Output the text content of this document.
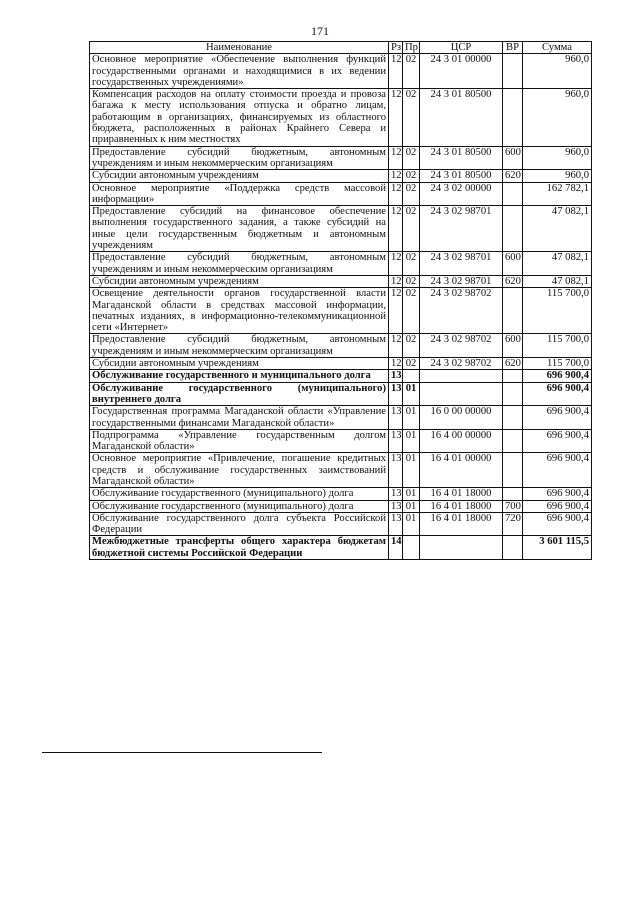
171
Наименование	Рз	Пр	ЦСР	ВР	Сумма
Основное мероприятие «Обеспечение выполнения функций государственными органами и находящимися в их ведении государственных учреждениями»	12	02	24 3 01 00000		960,0
Компенсация расходов на оплату стоимости проезда и провоза багажа к месту использования отпуска и обратно лицам, работающим в организациях, финансируемых из областного бюджета, расположенных в районах Крайнего Севера и приравненных к ним местностях	12	02	24 3 01 80500		960,0
Предоставление субсидий бюджетным, автономным учреждениям и иным некоммерческим организациям	12	02	24 3 01 80500	600	960,0
Субсидии автономным учреждениям	12	02	24 3 01 80500	620	960,0
Основное мероприятие «Поддержка средств массовой информации»	12	02	24 3 02 00000		162 782,1
Предоставление субсидий на финансовое обеспечение выполнения государственного задания, а также субсидий на иные цели государственным бюджетным и автономным учреждениям	12	02	24 3 02 98701		47 082,1
Предоставление субсидий бюджетным, автономным учреждениям и иным некоммерческим организациям	12	02	24 3 02 98701	600	47 082,1
Субсидии автономным учреждениям	12	02	24 3 02 98701	620	47 082,1
Освещение деятельности органов государственной власти Магаданской области в средствах массовой информации, печатных изданиях, в информационно-телекоммуникационной сети «Интернет»	12	02	24 3 02 98702		115 700,0
Предоставление субсидий бюджетным, автономным учреждениям и иным некоммерческим организациям	12	02	24 3 02 98702	600	115 700,0
Субсидии автономным учреждениям	12	02	24 3 02 98702	620	115 700,0
Обслуживание государственного и муниципального долга	13				696 900,4
Обслуживание государственного (муниципального) внутреннего долга	13	01			696 900,4
Государственная программа Магаданской области «Управление государственными финансами Магаданской области»	13	01	16 0 00 00000		696 900,4
Подпрограмма «Управление государственным долгом Магаданской области»	13	01	16 4 00 00000		696 900,4
Основное мероприятие «Привлечение, погашение кредитных средств и обслуживание государственных заимствований Магаданской области»	13	01	16 4 01 00000		696 900,4
Обслуживание государственного (муниципального) долга	13	01	16 4 01 18000		696 900,4
Обслуживание государственного (муниципального) долга	13	01	16 4 01 18000	700	696 900,4
Обслуживание государственного долга субъекта Российской Федерации	13	01	16 4 01 18000	720	696 900,4
Межбюджетные трансферты общего характера бюджетам бюджетной системы Российской Федерации	14				3 601 115,5
